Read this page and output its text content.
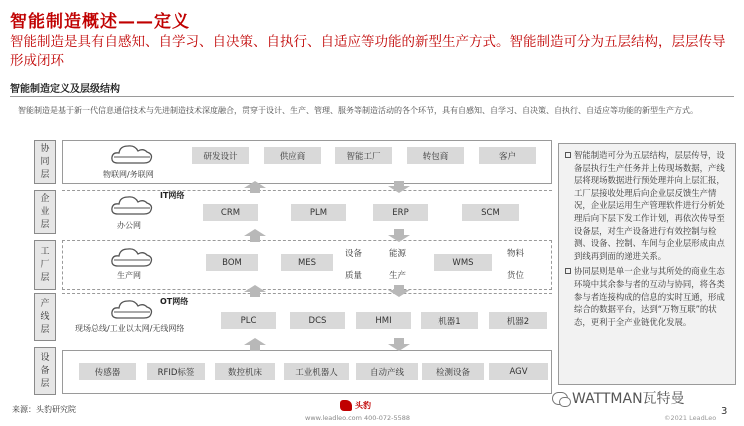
智能制造概述——定义
智能制造是具有自感知、自学习、自决策、自执行、自适应等功能的新型生产方式。智能制造可分为五层结构，层层传导形成闭环
智能制造定义及层级结构
智能制造是基于新一代信息通信技术与先进制造技术深度融合，贯穿于设计、生产、管理、服务等制造活动的各个环节，具有自感知、自学习、自决策、自执行、自适应等功能的新型生产方式。
协
同
层
企
业
层
工
厂
层
产
线
层
设
备
层
物联网/务联网
IT网络
办公网
生产网
OT网络
现场总线/工业以太网/无线网络
研发设计	供应商	智能工厂	转包商	客户
CRM	PLM	ERP	SCM
BOM	MES	WMS
设备	能源
质量	生产
物料
货位
PLC	DCS	HMI	机器1	机器2
传感器	RFID标签	数控机床	工业机器人	自动产线	检测设备	AGV

智能制造可分为五层结构，层层传导，设备层执行生产任务并上传现场数据，产线层将现场数据进行预处理并向上层汇报，工厂层接收处理后向企业层反馈生产情况，企业层运用生产管理软件进行分析处理后向下层下发工作计划，再依次传导至设备层，对生产设备进行有效控制与检测、设备、控制、车间与企业层形成由点到线再到面的递进关系。

协同层则是单一企业与其所处的商业生态环境中其余参与者的互动与协同，将各类参与者连接构成的信息的实时互通，形成综合的数据平台，达到“万物互联”的状态，更利于全产业链优化发展。

来源：头豹研究院	头豹
www.leadleo.com 400-072-5588
WATTMAN瓦特曼
©2021 LeadLeo
3
